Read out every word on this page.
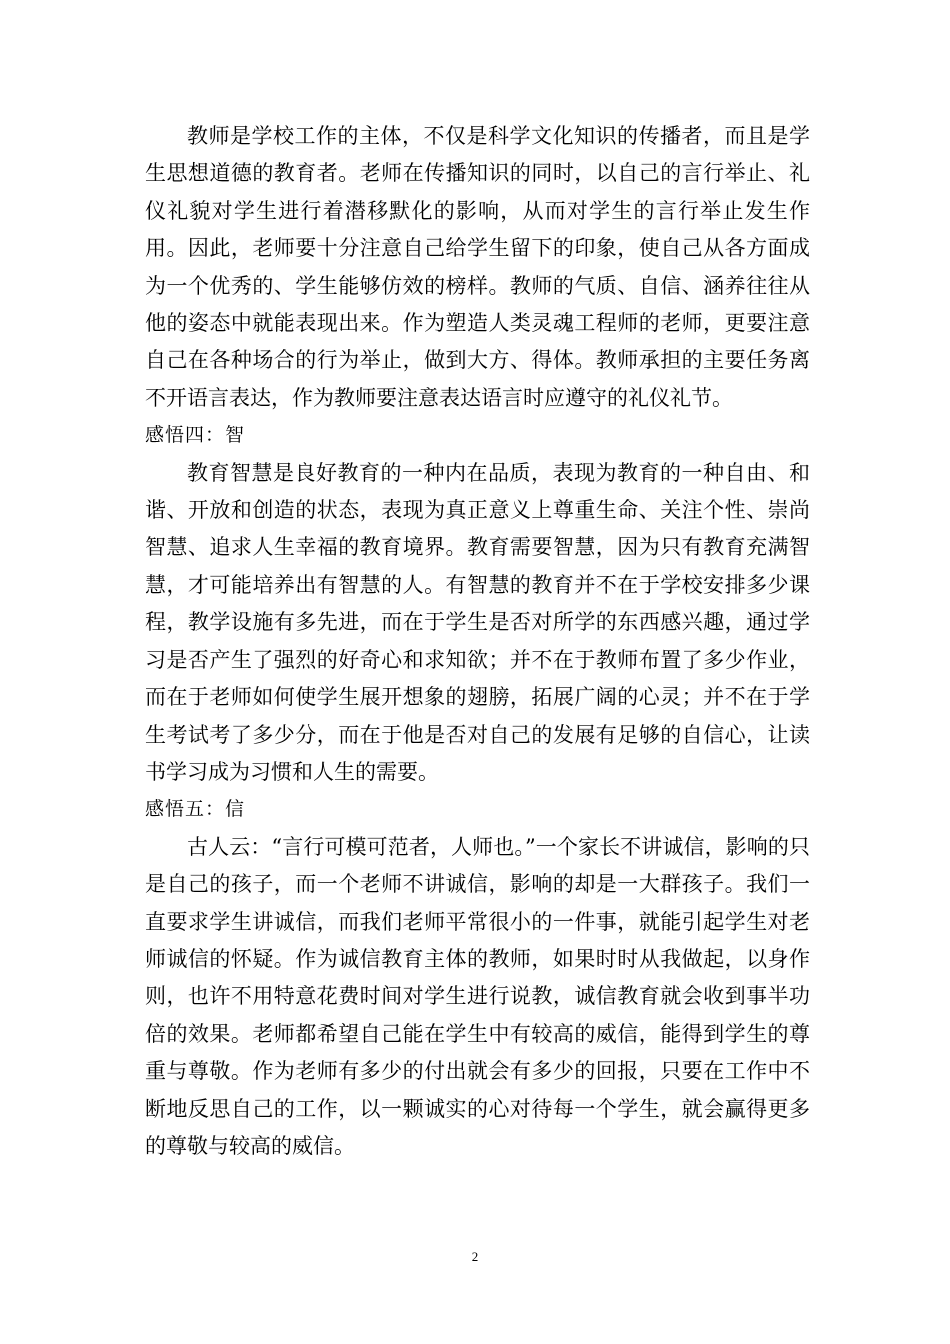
教师是学校工作的主体，不仅是科学文化知识的传播者，而且是学生思想道德的教育者。老师在传播知识的同时，以自己的言行举止、礼仪礼貌对学生进行着潜移默化的影响，从而对学生的言行举止发生作用。因此，老师要十分注意自己给学生留下的印象，使自己从各方面成为一个优秀的、学生能够仿效的榜样。教师的气质、自信、涵养往往从他的姿态中就能表现出来。作为塑造人类灵魂工程师的老师，更要注意自己在各种场合的行为举止，做到大方、得体。教师承担的主要任务离不开语言表达，作为教师要注意表达语言时应遵守的礼仪礼节。

感悟四：智

教育智慧是良好教育的一种内在品质，表现为教育的一种自由、和谐、开放和创造的状态，表现为真正意义上尊重生命、关注个性、崇尚智慧、追求人生幸福的教育境界。教育需要智慧，因为只有教育充满智慧，才可能培养出有智慧的人。有智慧的教育并不在于学校安排多少课程，教学设施有多先进，而在于学生是否对所学的东西感兴趣，通过学习是否产生了强烈的好奇心和求知欲；并不在于教师布置了多少作业，而在于老师如何使学生展开想象的翅膀，拓展广阔的心灵；并不在于学生考试考了多少分，而在于他是否对自己的发展有足够的自信心，让读书学习成为习惯和人生的需要。

感悟五：信

古人云：“言行可模可范者，人师也。”一个家长不讲诚信，影响的只是自己的孩子，而一个老师不讲诚信，影响的却是一大群孩子。我们一直要求学生讲诚信，而我们老师平常很小的一件事，就能引起学生对老师诚信的怀疑。作为诚信教育主体的教师，如果时时从我做起，以身作则，也许不用特意花费时间对学生进行说教，诚信教育就会收到事半功倍的效果。老师都希望自己能在学生中有较高的威信，能得到学生的尊重与尊敬。作为老师有多少的付出就会有多少的回报，只要在工作中不断地反思自己的工作，以一颗诚实的心对待每一个学生，就会赢得更多的尊敬与较高的威信。

2
